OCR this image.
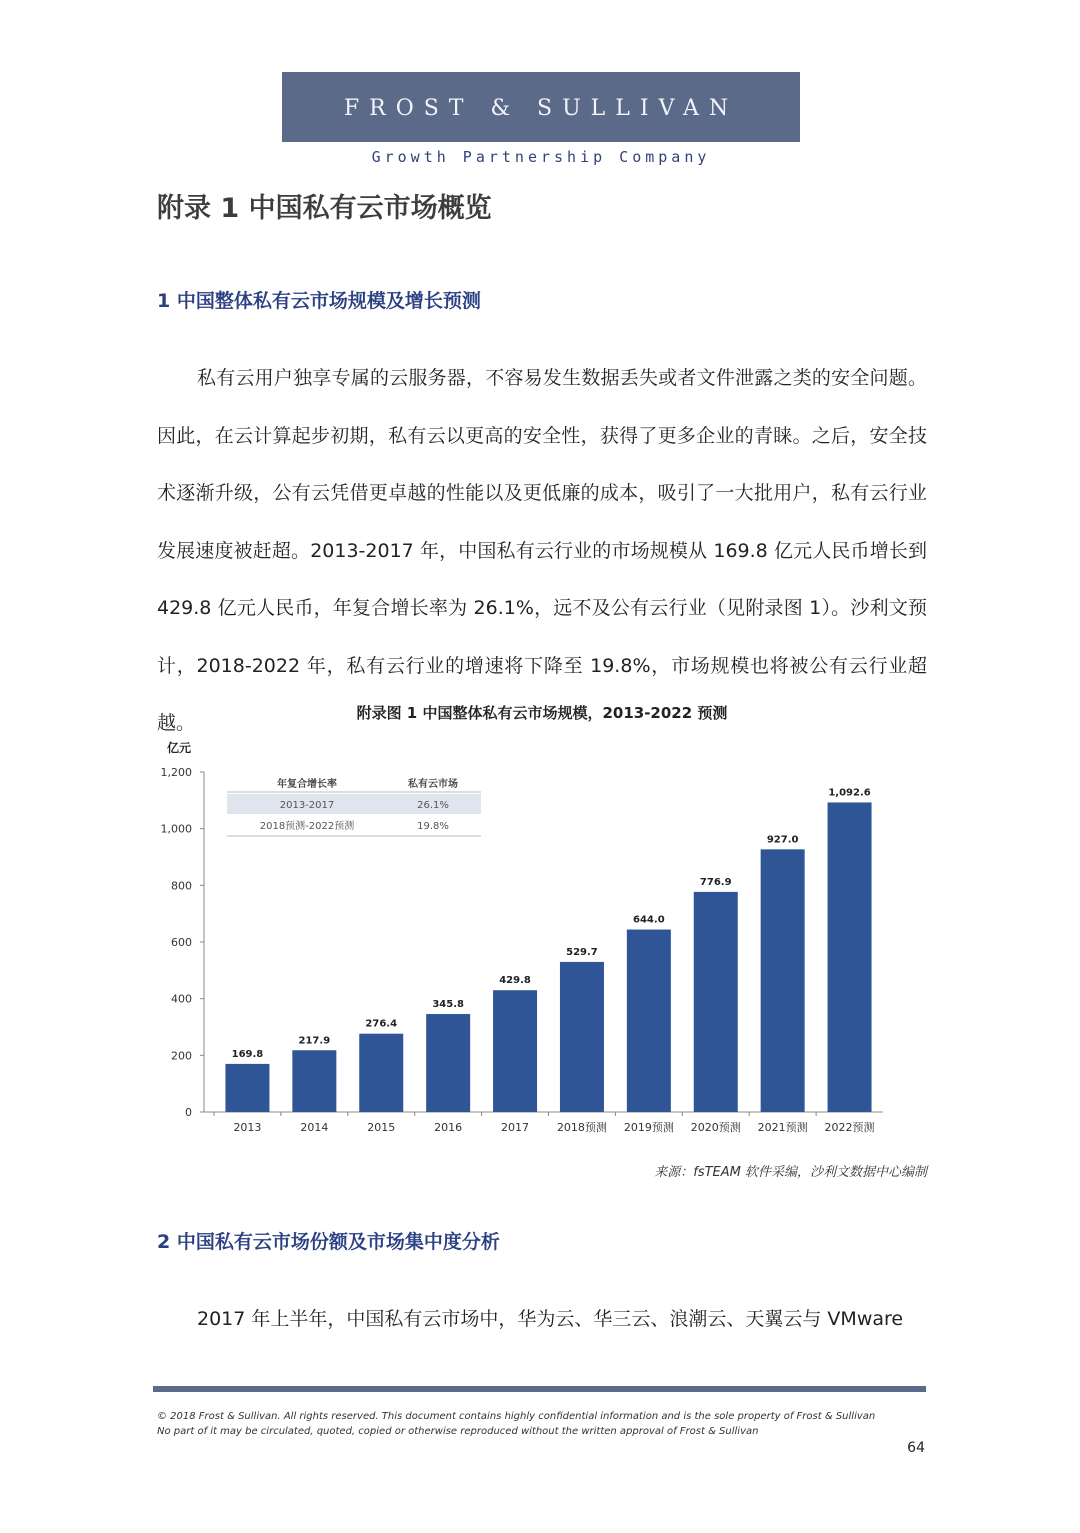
FROST & SULLIVAN
Growth Partnership Company
附录 1 中国私有云市场概览
1 中国整体私有云市场规模及增长预测
私有云用户独享专属的云服务器，不容易发生数据丢失或者文件泄露之类的安全问题。因此，在云计算起步初期，私有云以更高的安全性，获得了更多企业的青睐。之后，安全技术逐渐升级，公有云凭借更卓越的性能以及更低廉的成本，吸引了一大批用户，私有云行业发展速度被赶超。2013-2017 年，中国私有云行业的市场规模从 169.8 亿元人民币增长到 429.8 亿元人民币，年复合增长率为 26.1%，远不及公有云行业（见附录图 1）。沙利文预计，2018-2022 年，私有云行业的增速将下降至 19.8%，市场规模也将被公有云行业超越。	附录图 1 中国整体私有云市场规模，2013-2022 预测
亿元
0
200
400
600
800
1,000
1,200
169.8
2013
217.9
2014
276.4
2015
345.8
2016
429.8
2017
529.7
2018预测
644.0
2019预测
776.9
2020预测
927.0
2021预测
1,092.6
2022预测
年复合增长率	私有云市场
2013-2017	26.1%
2018预测-2022预测	19.8%
来源：fsTEAM 软件采编，沙利文数据中心编制
2 中国私有云市场份额及市场集中度分析
2017 年上半年，中国私有云市场中，华为云、华三云、浪潮云、天翼云与 VMware
© 2018 Frost & Sullivan. All rights reserved. This document contains highly confidential information and is the sole property of Frost & Sullivan
No part of it may be circulated, quoted, copied or otherwise reproduced without the written approval of Frost & Sullivan
64
